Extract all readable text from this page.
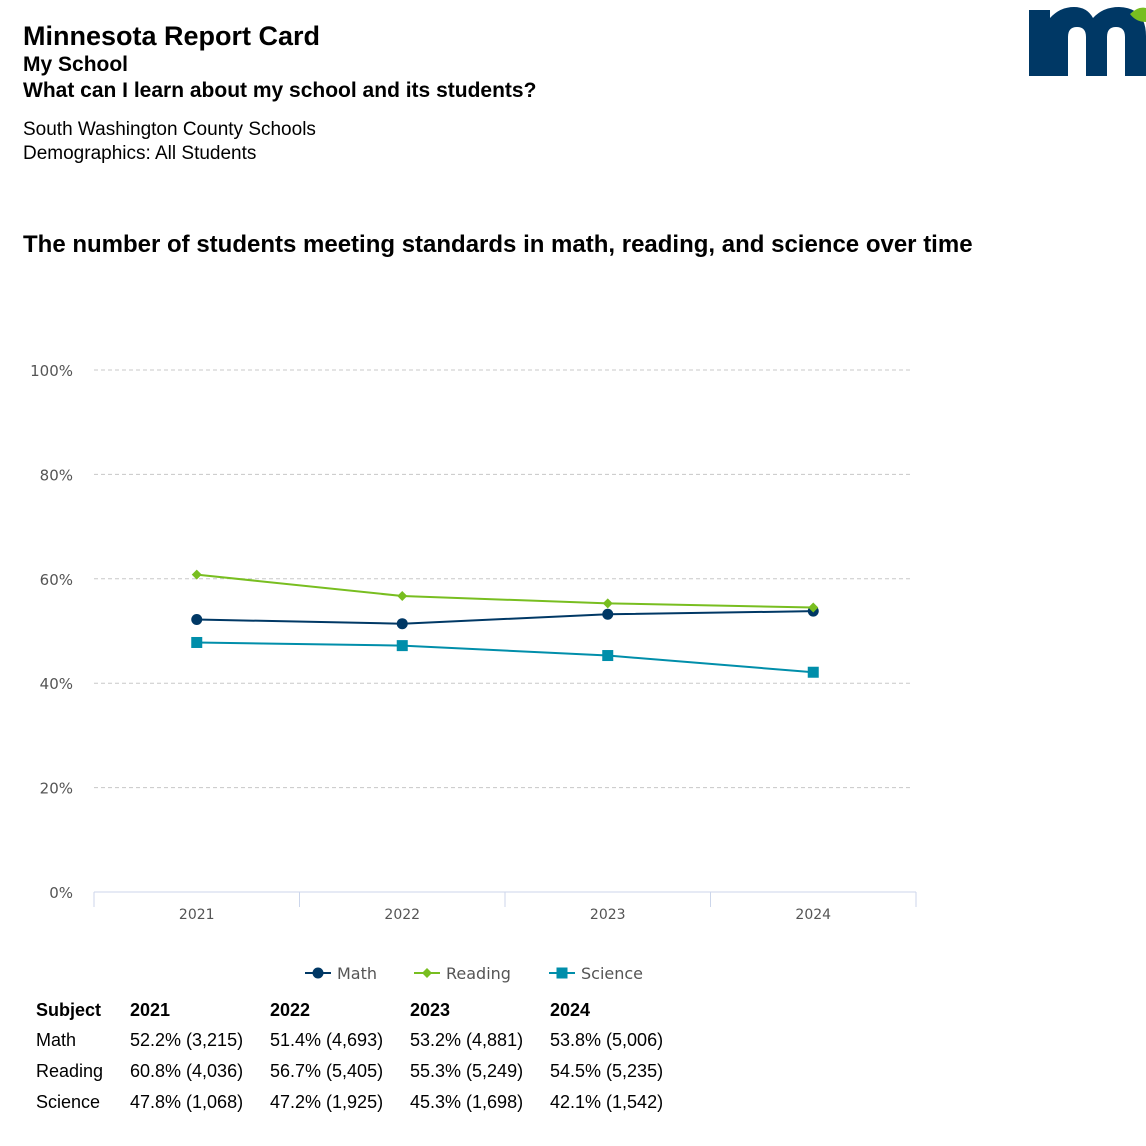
Minnesota Report Card
My School
What can I learn about my school and its students?
South Washington County Schools
Demographics: All Students
The number of students meeting standards in math, reading, and science over time
0%
20%
40%
60%
80%
100%
2021	2022	2023	2024
Math	Reading	Science
Subject	2021	2022	2023	2024
Math	52.2% (3,215)	51.4% (4,693)	53.2% (4,881)	53.8% (5,006)
Reading	60.8% (4,036)	56.7% (5,405)	55.3% (5,249)	54.5% (5,235)
Science	47.8% (1,068)	47.2% (1,925)	45.3% (1,698)	42.1% (1,542)
